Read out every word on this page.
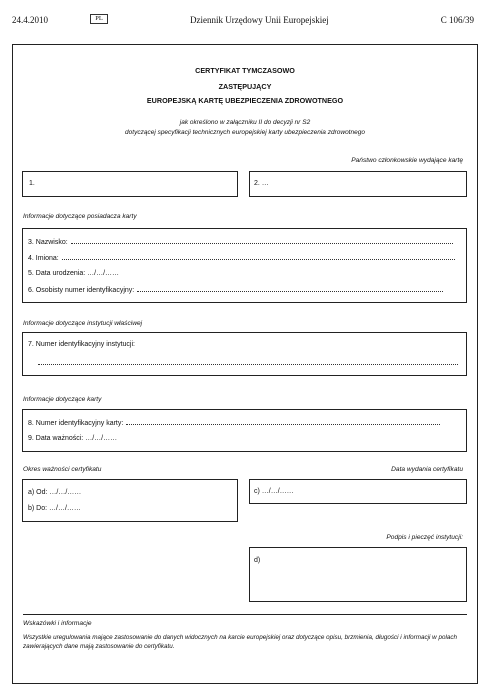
24.4.2010	PL	Dziennik Urzędowy Unii Europejskiej	C 106/39
CERTYFIKAT TYMCZASOWO
ZASTĘPUJĄCY
EUROPEJSKĄ KARTĘ UBEZPIECZENIA ZDROWOTNEGO
jak określono w załączniku II do decyzji nr S2
dotyczącej specyfikacji technicznych europejskiej karty ubezpieczenia zdrowotnego
Państwo członkowskie wydające kartę
1.	2. …
Informacje dotyczące posiadacza karty
3. Nazwisko:
4. Imiona:
5. Data urodzenia: …/…/……
6. Osobisty numer identyfikacyjny:
Informacje dotyczące instytucji właściwej
7. Numer identyfikacyjny instytucji:
Informacje dotyczące karty
8. Numer identyfikacyjny karty:
9. Data ważności: …/…/……
Okres ważności certyfikatu	Data wydania certyfikatu
a) Od: …/…/……
b) Do: …/…/……
c) …/…/……
Podpis i pieczęć instytucji:
d)
Wskazówki i informacje
Wszystkie uregulowania mające zastosowanie do danych widocznych na karcie europejskiej oraz dotyczące opisu, brzmienia, długości i informacji w polach zawierających dane mają zastosowanie do certyfikatu.
